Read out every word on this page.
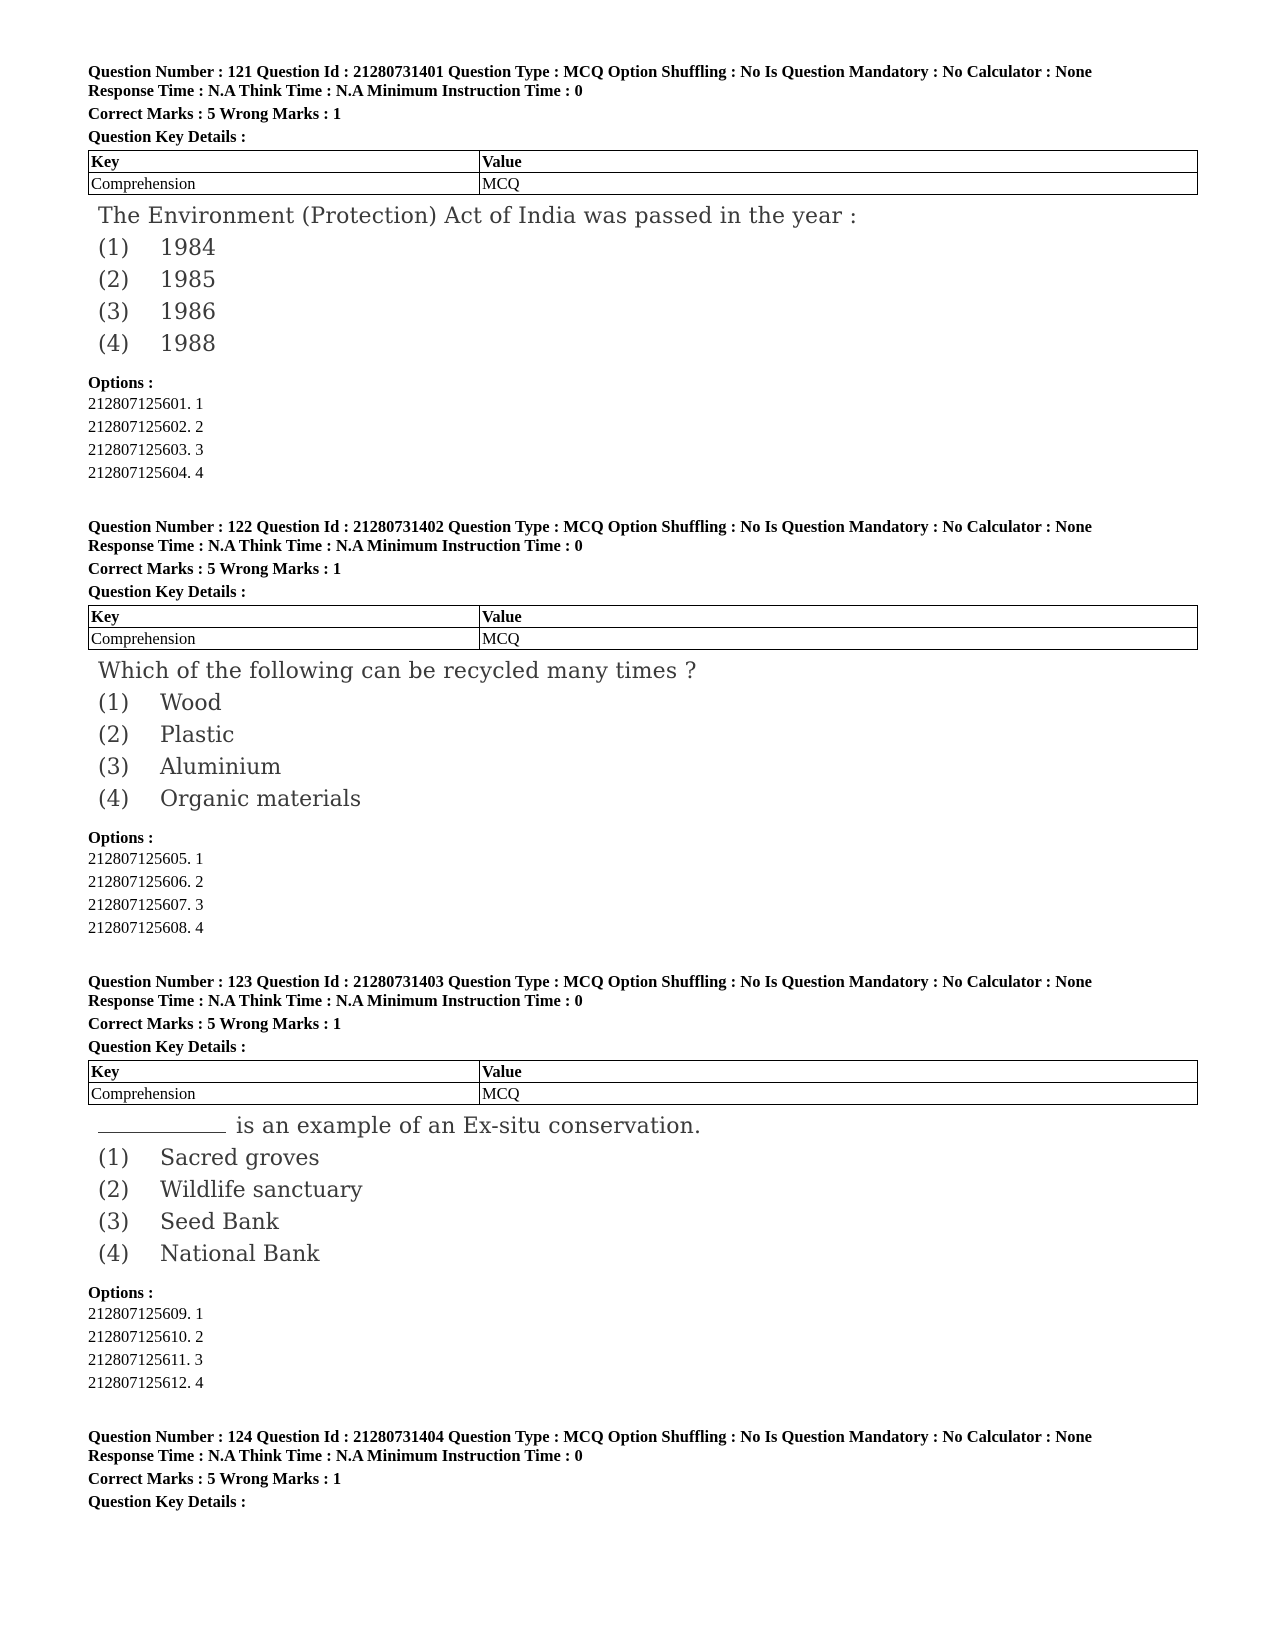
Question Number : 121 Question Id : 21280731401 Question Type : MCQ Option Shuffling : No Is Question Mandatory : No Calculator : None
Response Time : N.A Think Time : N.A Minimum Instruction Time : 0
Correct Marks : 5 Wrong Marks : 1
Question Key Details :
Key	Value
Comprehension	MCQ
The Environment (Protection) Act of India was passed in the year :
(1)	1984
(2)	1985
(3)	1986
(4)	1988
Options :
212807125601. 1
212807125602. 2
212807125603. 3
212807125604. 4
Question Number : 122 Question Id : 21280731402 Question Type : MCQ Option Shuffling : No Is Question Mandatory : No Calculator : None
Response Time : N.A Think Time : N.A Minimum Instruction Time : 0
Correct Marks : 5 Wrong Marks : 1
Question Key Details :
Key	Value
Comprehension	MCQ
Which of the following can be recycled many times ?
(1)	Wood
(2)	Plastic
(3)	Aluminium
(4)	Organic materials
Options :
212807125605. 1
212807125606. 2
212807125607. 3
212807125608. 4
Question Number : 123 Question Id : 21280731403 Question Type : MCQ Option Shuffling : No Is Question Mandatory : No Calculator : None
Response Time : N.A Think Time : N.A Minimum Instruction Time : 0
Correct Marks : 5 Wrong Marks : 1
Question Key Details :
Key	Value
Comprehension	MCQ
is an example of an Ex-situ conservation.
(1)	Sacred groves
(2)	Wildlife sanctuary
(3)	Seed Bank
(4)	National Bank
Options :
212807125609. 1
212807125610. 2
212807125611. 3
212807125612. 4
Question Number : 124 Question Id : 21280731404 Question Type : MCQ Option Shuffling : No Is Question Mandatory : No Calculator : None
Response Time : N.A Think Time : N.A Minimum Instruction Time : 0
Correct Marks : 5 Wrong Marks : 1
Question Key Details :
